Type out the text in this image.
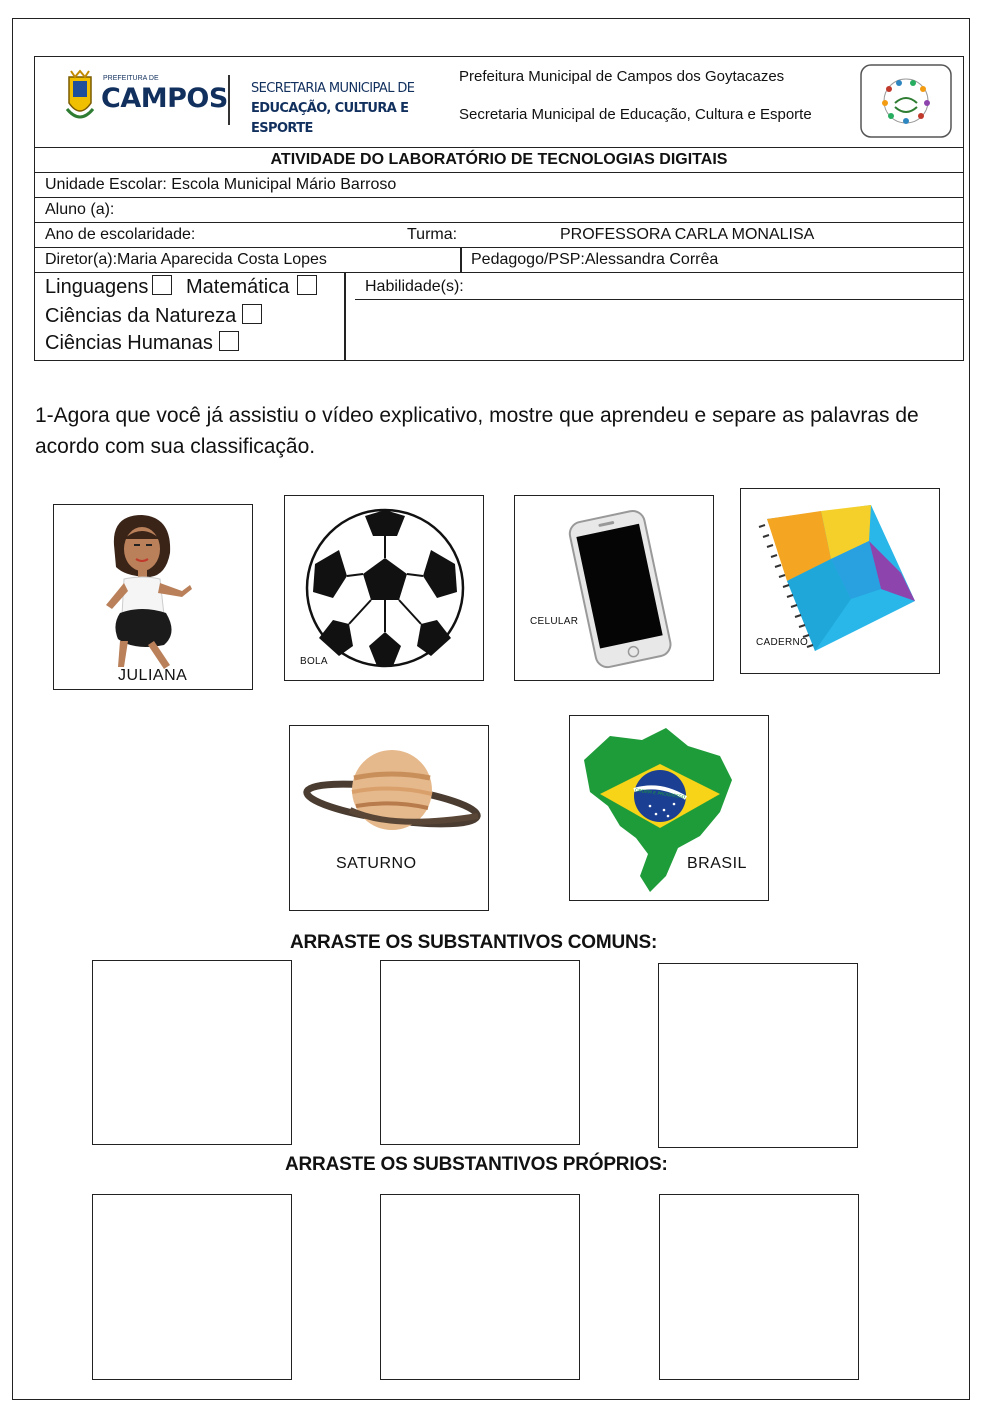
PREFEITURA DE
CAMPOS SECRETARIA MUNICIPAL DE
EDUCAÇÃO, CULTURA E ESPORTE
Prefeitura Municipal de Campos dos Goytacazes
Secretaria Municipal de Educação, Cultura e Esporte
ATIVIDADE DO LABORATÓRIO DE TECNOLOGIAS DIGITAIS
Unidade Escolar: Escola Municipal Mário Barroso
Aluno (a):
Ano de escolaridade:	Turma:	PROFESSORA CARLA MONALISA
Diretor(a):Maria Aparecida Costa Lopes	Pedagogo/PSP:Alessandra Corrêa
Linguagens Matemática
Ciências da Natureza
Ciências Humanas
Habilidade(s):
1-Agora que você já assistiu o vídeo explicativo, mostre que aprendeu e separe as palavras de acordo com sua classificação.
JULIANA
BOLA
CELULAR
CADERNO
SATURNO
ORDEM E PROGRESSO
BRASIL
ARRASTE OS SUBSTANTIVOS COMUNS:
ARRASTE OS SUBSTANTIVOS PRÓPRIOS:
